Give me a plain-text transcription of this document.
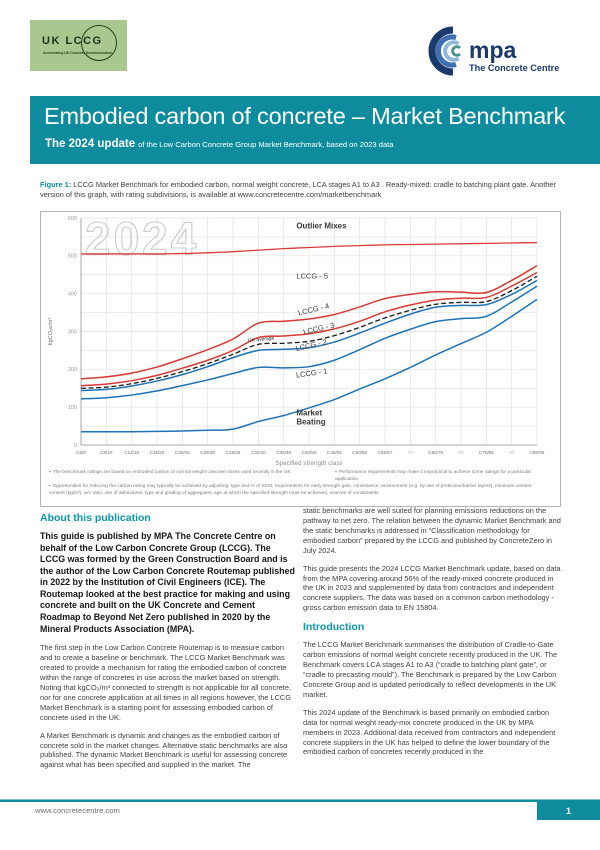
UK LCCG
Accelerating UK Concrete Decarbonisation	mpa
The Concrete Centre
Embodied carbon of concrete – Market Benchmark
The 2024 update of the Low Carbon Concrete Group Market Benchmark, based on 2023 data
Figure 1: LCCG Market Benchmark for embodied carbon, normal weight concrete, LCA stages A1 to A3 . Ready-mixed: cradle to batching plant gate. Another version of this graph, with rating subdivisions, is available at www.concretecentre.com/marketbenchmark
2024
0
100
200
300
400
500
600
C6/8	C8/10	C12/15 C16/20 C20/25 C25/30 C28/35 C32/40 C35/45 C40/50 C45/55 C50/60 C55/67	70	C60/75	80	C70/85	90	C80/95
Specified strength class
kgCO₂e/m³
Outlier Mixes
LCCG - 5
LCCG - 4
LCCG - 3
LCCG - 2
LCCG - 1
Market Beating
UK average
▪ The benchmark ratings are based on embodied carbon of normal weight concrete mixes used recently in the UK	▪ Performance requirements may make it impractical to achieve some ratings for a particular application
▪ Opportunities for reducing the carbon rating may typically be achieved by adjusting: type and % of SCM, requirements for early strength gain, consistence, environment (e.g. by use of protective/barrier layers), minimum cement content (kg/m³), w/c ratio, use of admixtures, type and grading of aggregates, age at which the specified strength must be achieved, sources of constituents
About this publication

This guide is published by MPA The Concrete Centre on behalf of the Low Carbon Concrete Group (LCCG). The LCCG was formed by the Green Construction Board and is the author of the Low Carbon Concrete Routemap published in 2022 by the Institution of Civil Engineers (ICE). The Routemap looked at the best practice for making and using concrete and built on the UK Concrete and Cement Roadmap to Beyond Net Zero published in 2020 by the Mineral Products Association (MPA).

The first step in the Low Carbon Concrete Routemap is to measure carbon and to create a baseline or benchmark. The LCCG Market Benchmark was created to provide a mechanism for rating the embodied carbon of concrete within the range of concretes in use across the market based on strength. Noting that kgCO₂/m³ connected to strength is not applicable for all concrete, nor for one concrete application at all times in all regions however, the LCCG Market Benchmark is a starting point for assessing embodied carbon of concrete used in the UK.

A Market Benchmark is dynamic and changes as the embodied carbon of concrete sold in the market changes. Alternative static benchmarks are also published. The dynamic Market Benchmark is useful for assessing concrete against what has been specified and supplied in the market. The

static benchmarks are well suited for planning emissions reductions on the pathway to net zero. The relation between the dynamic Market Benchmark and the static benchmarks is addressed in “Classification methodology for embodied carbon” prepared by the LCCG and published by ConcreteZero in July 2024.

This guide presents the 2024 LCCG Market Benchmark update, based on data from the MPA covering around 56% of the ready-mixed concrete produced in the UK in 2023 and supplemented by data from contractors and independent concrete suppliers. The data was based on a common carbon methodology - gross carbon emission data to EN 15804.

Introduction

The LCCG Market Benchmark summarises the distribution of Cradle-to-Gate carbon emissions of normal weight concrete recently produced in the UK. The Benchmark covers LCA stages A1 to A3 (“cradle to batching plant gate”, or “cradle to precasting mould”). The Benchmark is prepared by the Low Carbon Concrete Group and is updated periodically to reflect developments in the UK market.

This 2024 update of the Benchmark is based primarily on embodied carbon data for normal weight ready-mix concrete produced in the UK by MPA members in 2023. Additional data received from contractors and independent concrete suppliers in the UK has helped to define the lower boundary of the embodied carbon of concretes recently produced in the

www.concretecentre.com	1
